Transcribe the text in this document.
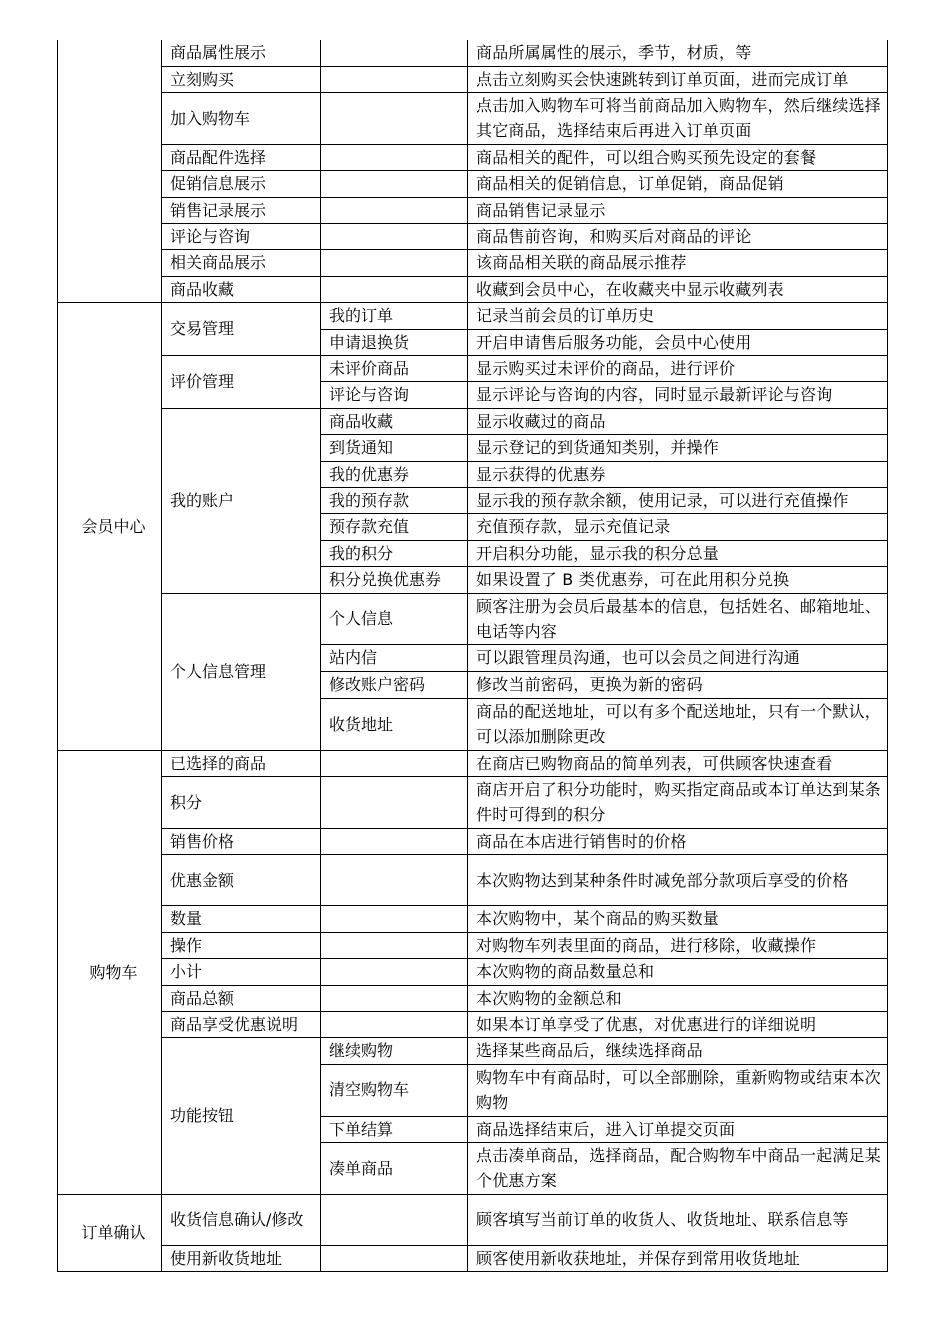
	商品属性展示		商品所属属性的展示，季节，材质，等
	立刻购买		点击立刻购买会快速跳转到订单页面，进而完成订单
	加入购物车		点击加入购物车可将当前商品加入购物车，然后继续选择其它商品，选择结束后再进入订单页面
	商品配件选择		商品相关的配件，可以组合购买预先设定的套餐
	促销信息展示		商品相关的促销信息，订单促销，商品促销
	销售记录展示		商品销售记录显示
	评论与咨询		商品售前咨询，和购买后对商品的评论
	相关商品展示		该商品相关联的商品展示推荐
	商品收藏		收藏到会员中心，在收藏夹中显示收藏列表
会员中心	交易管理	我的订单	记录当前会员的订单历史
		申请退换货	开启申请售后服务功能，会员中心使用
	评价管理	未评价商品	显示购买过未评价的商品，进行评价
		评论与咨询	显示评论与咨询的内容，同时显示最新评论与咨询
	我的账户	商品收藏	显示收藏过的商品
		到货通知	显示登记的到货通知类别，并操作
		我的优惠券	显示获得的优惠券
		我的预存款	显示我的预存款余额，使用记录，可以进行充值操作
		预存款充值	充值预存款，显示充值记录
		我的积分	开启积分功能，显示我的积分总量
		积分兑换优惠券	如果设置了 B 类优惠券，可在此用积分兑换
	个人信息管理	个人信息	顾客注册为会员后最基本的信息，包括姓名、邮箱地址、电话等内容
		站内信	可以跟管理员沟通，也可以会员之间进行沟通
		修改账户密码	修改当前密码，更换为新的密码
		收货地址	商品的配送地址，可以有多个配送地址，只有一个默认，可以添加删除更改
购物车	已选择的商品		在商店已购物商品的简单列表，可供顾客快速查看
	积分		商店开启了积分功能时，购买指定商品或本订单达到某条件时可得到的积分
	销售价格		商品在本店进行销售时的价格
	优惠金额		本次购物达到某种条件时减免部分款项后享受的价格
	数量		本次购物中，某个商品的购买数量
	操作		对购物车列表里面的商品，进行移除，收藏操作
	小计		本次购物的商品数量总和
	商品总额		本次购物的金额总和
	商品享受优惠说明		如果本订单享受了优惠，对优惠进行的详细说明
	功能按钮	继续购物	选择某些商品后，继续选择商品
		清空购物车	购物车中有商品时，可以全部删除，重新购物或结束本次购物
		下单结算	商品选择结束后，进入订单提交页面
		凑单商品	点击凑单商品，选择商品，配合购物车中商品一起满足某个优惠方案
订单确认	收货信息确认/修改		顾客填写当前订单的收货人、收货地址、联系信息等
	使用新收货地址		顾客使用新收获地址，并保存到常用收货地址
